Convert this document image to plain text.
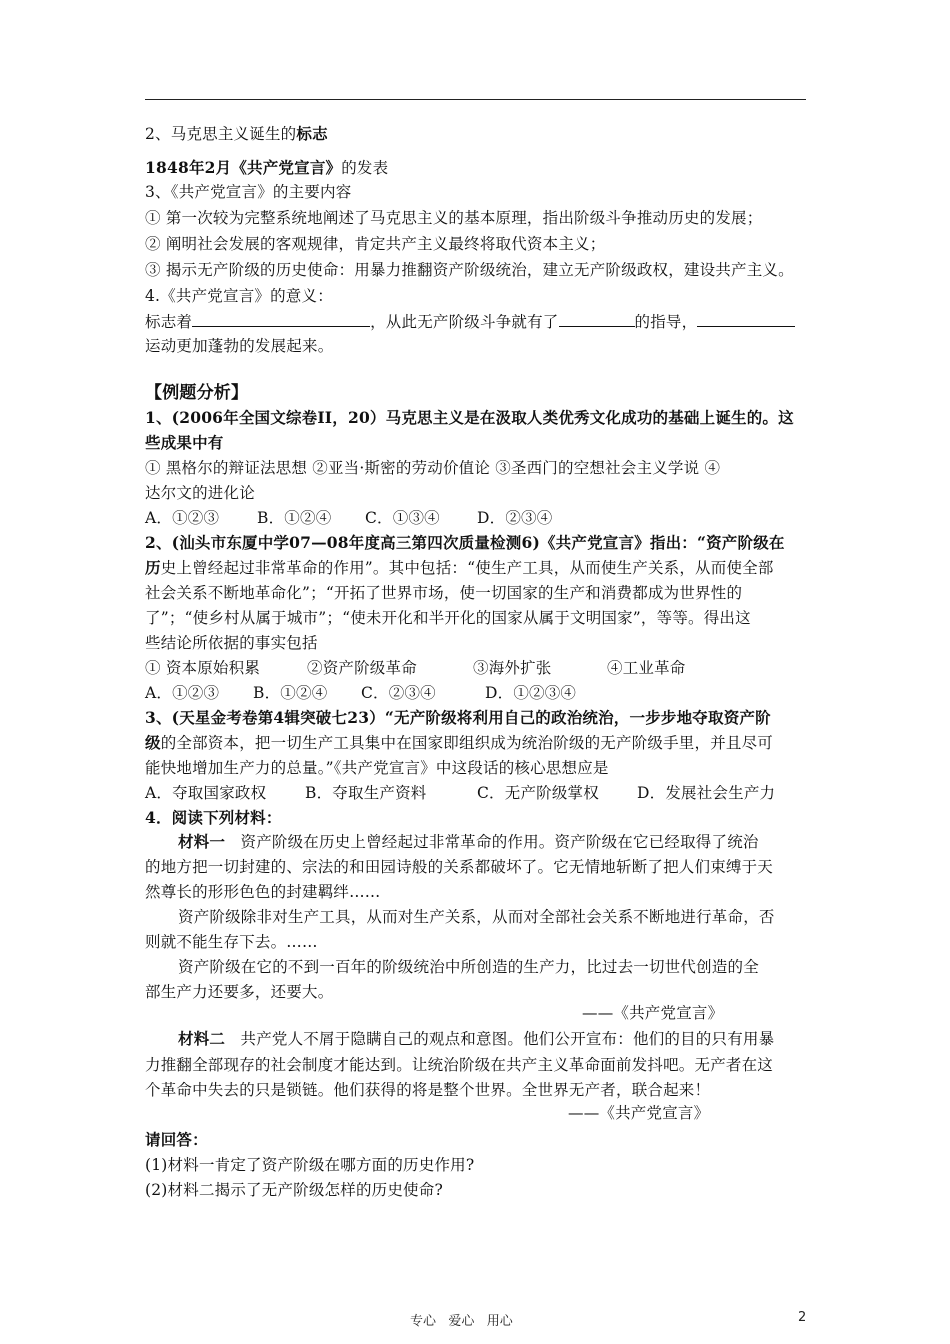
2、马克思主义诞生的标志
1848年2月《共产党宣言》的发表
3、《共产党宣言》的主要内容
① 第一次较为完整系统地阐述了马克思主义的基本原理，指出阶级斗争推动历史的发展；
② 阐明社会发展的客观规律，肯定共产主义最终将取代资本主义；
③ 揭示无产阶级的历史使命：用暴力推翻资产阶级统治，建立无产阶级政权，建设共产主义。
4.《共产党宣言》的意义：
标志着	，从此无产阶级斗争就有了	的指导，
运动更加蓬勃的发展起来。
【例题分析】
1、(2006年全国文综卷II，20）马克思主义是在汲取人类优秀文化成功的基础上诞生的。这
些成果中有
① 黑格尔的辩证法思想 ②亚当·斯密的劳动价值论 ③圣西门的空想社会主义学说 ④
达尔文的进化论
A．①②③ B．①②④ C．①③④ D．②③④
2、(汕头市东厦中学07—08年度高三第四次质量检测6)《共产党宣言》指出：“资产阶级在
历史上曾经起过非常革命的作用”。其中包括：“使生产工具，从而使生产关系，从而使全部
社会关系不断地革命化”；“开拓了世界市场，使一切国家的生产和消费都成为世界性的
了”；“使乡村从属于城市”；“使未开化和半开化的国家从属于文明国家”，等等。得出这
些结论所依据的事实包括
① 资本原始积累	②资产阶级革命	③海外扩张	④工业革命
A．①②③ B．①②④ C．②③④	D．①②③④
3、(天星金考卷第4辑突破七23）“无产阶级将利用自己的政治统治，一步步地夺取资产阶
级的全部资本，把一切生产工具集中在国家即组织成为统治阶级的无产阶级手里，并且尽可
能快地增加生产力的总量。”《共产党宣言》中这段话的核心思想应是
A．夺取国家政权 B．夺取生产资料	C．无产阶级掌权 D．发展社会生产力
4．阅读下列材料：
材料一 资产阶级在历史上曾经起过非常革命的作用。资产阶级在它已经取得了统治
的地方把一切封建的、宗法的和田园诗般的关系都破坏了。它无情地斩断了把人们束缚于天
然尊长的形形色色的封建羁绊……
资产阶级除非对生产工具，从而对生产关系，从而对全部社会关系不断地进行革命，否
则就不能生存下去。……
资产阶级在它的不到一百年的阶级统治中所创造的生产力，比过去一切世代创造的全
部生产力还要多，还要大。
——《共产党宣言》
材料二 共产党人不屑于隐瞒自己的观点和意图。他们公开宣布：他们的目的只有用暴
力推翻全部现存的社会制度才能达到。让统治阶级在共产主义革命面前发抖吧。无产者在这
个革命中失去的只是锁链。他们获得的将是整个世界。全世界无产者，联合起来！
——《共产党宣言》
请回答：
(1)材料一肯定了资产阶级在哪方面的历史作用?
(2)材料二揭示了无产阶级怎样的历史使命?
专心   爱心   用心	2
